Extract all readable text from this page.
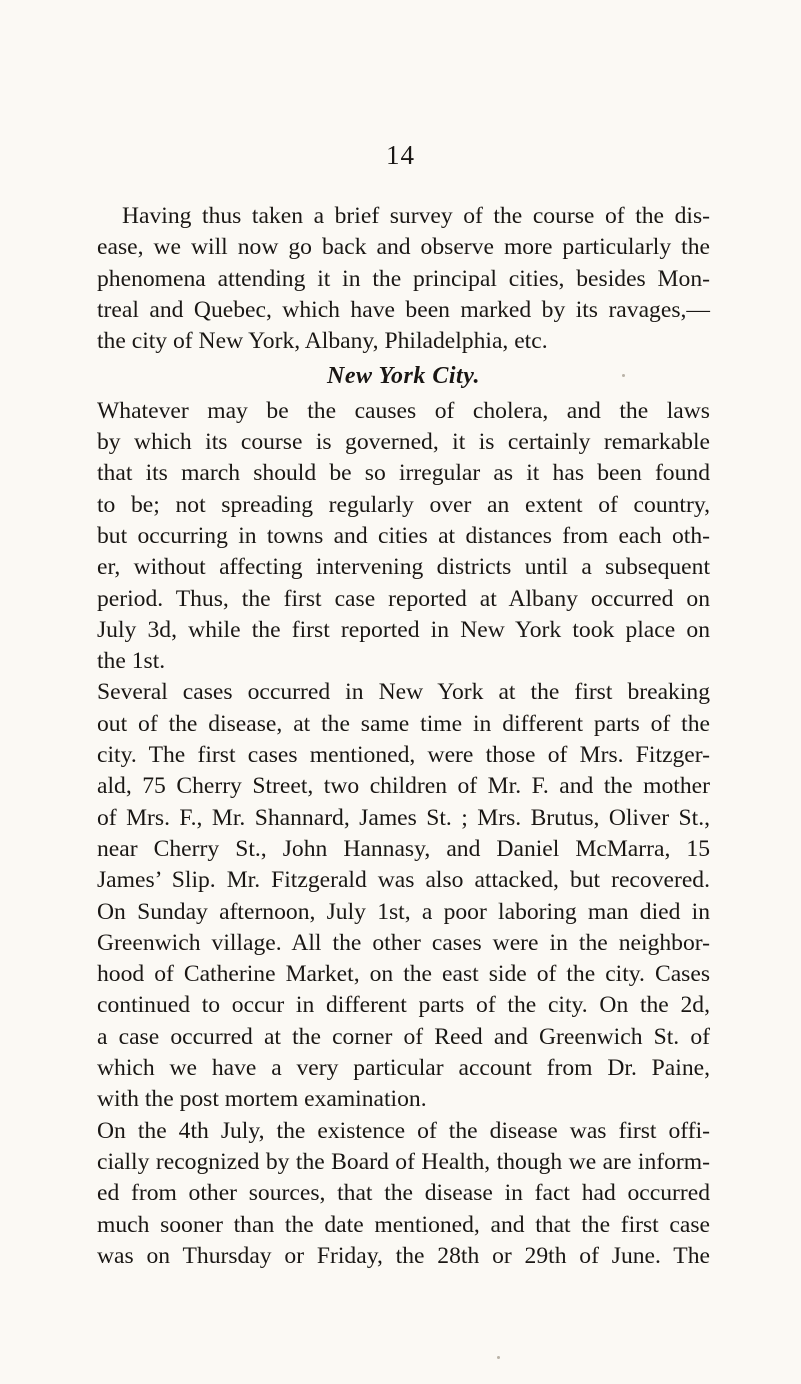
14
Having thus taken a brief survey of the course of the dis-
ease, we will now go back and observe more particularly the
phenomena attending it in the principal cities, besides Mon-
treal and Quebec, which have been marked by its ravages,—
the city of New York, Albany, Philadelphia, etc.
New York City.
Whatever may be the causes of cholera, and the laws
by which its course is governed, it is certainly remarkable
that its march should be so irregular as it has been found
to be; not spreading regularly over an extent of country,
but occurring in towns and cities at distances from each oth-
er, without affecting intervening districts until a subsequent
period. Thus, the first case reported at Albany occurred on
July 3d, while the first reported in New York took place on
the 1st.
Several cases occurred in New York at the first breaking
out of the disease, at the same time in different parts of the
city. The first cases mentioned, were those of Mrs. Fitzger-
ald, 75 Cherry Street, two children of Mr. F. and the mother
of Mrs. F., Mr. Shannard, James St. ; Mrs. Brutus, Oliver St.,
near Cherry St., John Hannasy, and Daniel McMarra, 15
James’ Slip. Mr. Fitzgerald was also attacked, but recovered.
On Sunday afternoon, July 1st, a poor laboring man died in
Greenwich village. All the other cases were in the neighbor-
hood of Catherine Market, on the east side of the city. Cases
continued to occur in different parts of the city. On the 2d,
a case occurred at the corner of Reed and Greenwich St. of
which we have a very particular account from Dr. Paine,
with the post mortem examination.
On the 4th July, the existence of the disease was first offi-
cially recognized by the Board of Health, though we are inform-
ed from other sources, that the disease in fact had occurred
much sooner than the date mentioned, and that the first case
was on Thursday or Friday, the 28th or 29th of June. The
